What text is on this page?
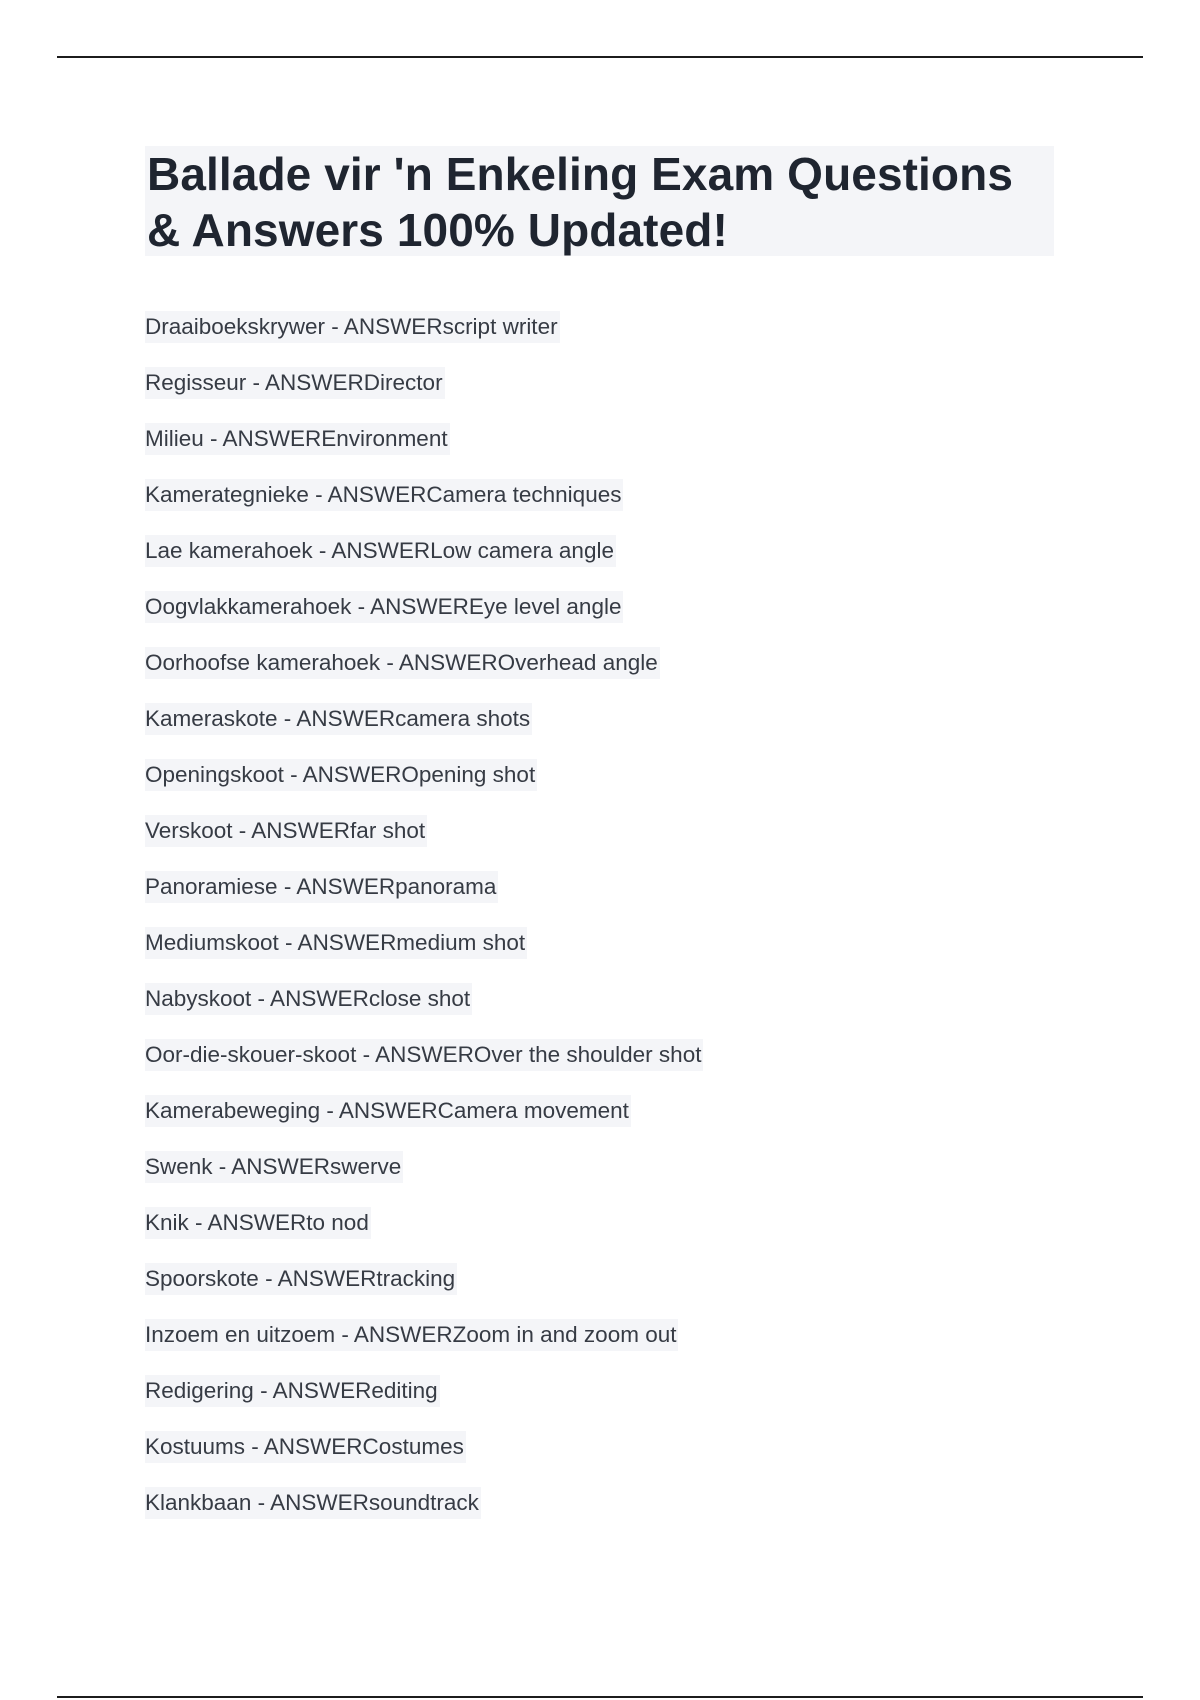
Ballade vir 'n Enkeling Exam Questions
& Answers 100% Updated!
Draaiboekskrywer - ANSWERscript writer
Regisseur - ANSWERDirector
Milieu - ANSWEREnvironment
Kamerategnieke - ANSWERCamera techniques
Lae kamerahoek - ANSWERLow camera angle
Oogvlakkamerahoek - ANSWEREye level angle
Oorhoofse kamerahoek - ANSWEROverhead angle
Kameraskote - ANSWERcamera shots
Openingskoot - ANSWEROpening shot
Verskoot - ANSWERfar shot
Panoramiese - ANSWERpanorama
Mediumskoot - ANSWERmedium shot
Nabyskoot - ANSWERclose shot
Oor-die-skouer-skoot - ANSWEROver the shoulder shot
Kamerabeweging - ANSWERCamera movement
Swenk - ANSWERswerve
Knik - ANSWERto nod
Spoorskote - ANSWERtracking
Inzoem en uitzoem - ANSWERZoom in and zoom out
Redigering - ANSWERediting
Kostuums - ANSWERCostumes
Klankbaan - ANSWERsoundtrack
